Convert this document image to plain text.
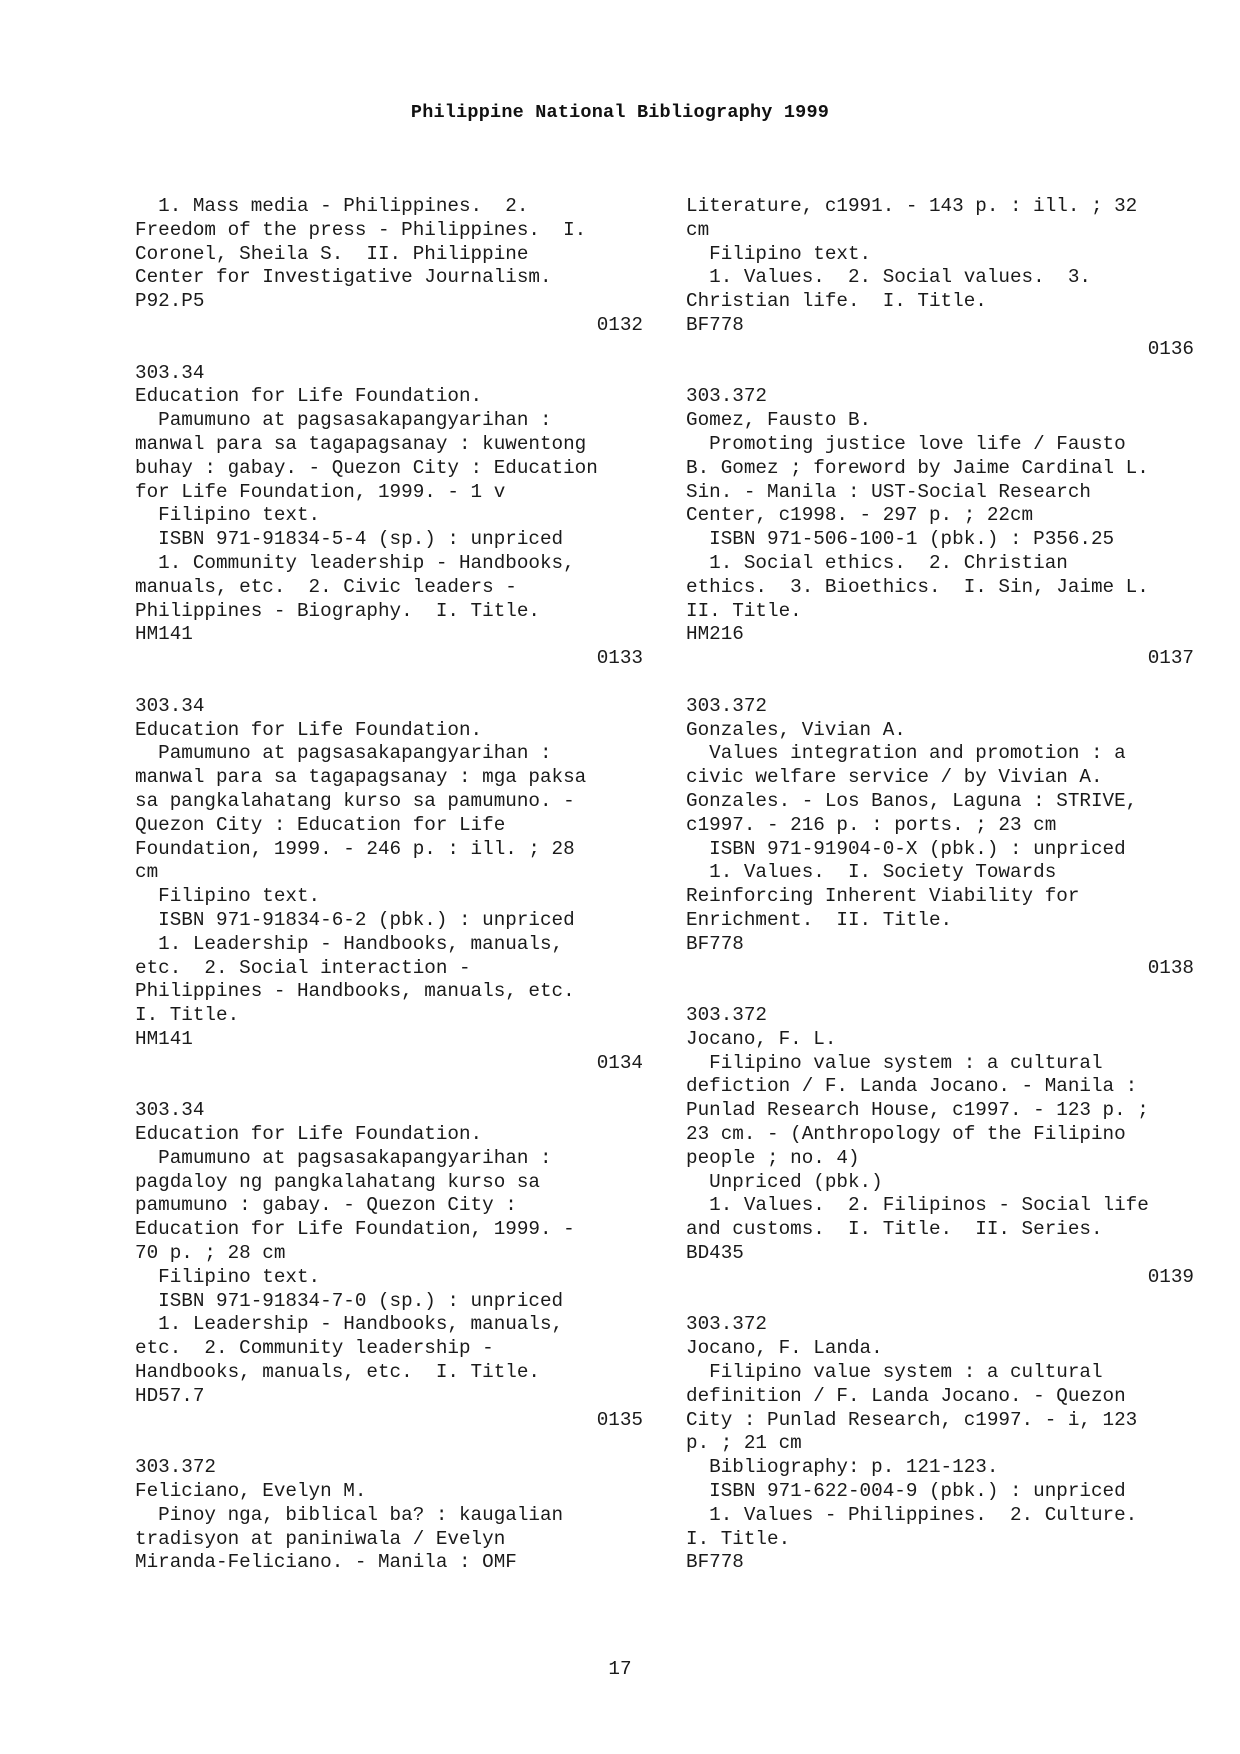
Philippine National Bibliography 1999
1. Mass media - Philippines.  2.
Freedom of the press - Philippines.  I.
Coronel, Sheila S.  II. Philippine
Center for Investigative Journalism.
P92.P5
0132
303.34
Education for Life Foundation.
Pamumuno at pagsasakapangyarihan :
manwal para sa tagapagsanay : kuwentong
buhay : gabay. - Quezon City : Education
for Life Foundation, 1999. - 1 v
Filipino text.
ISBN 971-91834-5-4 (sp.) : unpriced
1. Community leadership - Handbooks,
manuals, etc.  2. Civic leaders -
Philippines - Biography.  I. Title.
HM141
0133
303.34
Education for Life Foundation.
Pamumuno at pagsasakapangyarihan :
manwal para sa tagapagsanay : mga paksa
sa pangkalahatang kurso sa pamumuno. -
Quezon City : Education for Life
Foundation, 1999. - 246 p. : ill. ; 28
cm
Filipino text.
ISBN 971-91834-6-2 (pbk.) : unpriced
1. Leadership - Handbooks, manuals,
etc.  2. Social interaction -
Philippines - Handbooks, manuals, etc.
I. Title.
HM141
0134
303.34
Education for Life Foundation.
Pamumuno at pagsasakapangyarihan :
pagdaloy ng pangkalahatang kurso sa
pamumuno : gabay. - Quezon City :
Education for Life Foundation, 1999. -
70 p. ; 28 cm
Filipino text.
ISBN 971-91834-7-0 (sp.) : unpriced
1. Leadership - Handbooks, manuals,
etc.  2. Community leadership -
Handbooks, manuals, etc.  I. Title.
HD57.7
0135
303.372
Feliciano, Evelyn M.
Pinoy nga, biblical ba? : kaugalian
tradisyon at paniniwala / Evelyn
Miranda-Feliciano. - Manila : OMF
Literature, c1991. - 143 p. : ill. ; 32
cm
Filipino text.
1. Values.  2. Social values.  3.
Christian life.  I. Title.
BF778
0136
303.372
Gomez, Fausto B.
Promoting justice love life / Fausto
B. Gomez ; foreword by Jaime Cardinal L.
Sin. - Manila : UST-Social Research
Center, c1998. - 297 p. ; 22cm
ISBN 971-506-100-1 (pbk.) : P356.25
1. Social ethics.  2. Christian
ethics.  3. Bioethics.  I. Sin, Jaime L.
II. Title.
HM216
0137
303.372
Gonzales, Vivian A.
Values integration and promotion : a
civic welfare service / by Vivian A.
Gonzales. - Los Banos, Laguna : STRIVE,
c1997. - 216 p. : ports. ; 23 cm
ISBN 971-91904-0-X (pbk.) : unpriced
1. Values.  I. Society Towards
Reinforcing Inherent Viability for
Enrichment.  II. Title.
BF778
0138
303.372
Jocano, F. L.
Filipino value system : a cultural
defiction / F. Landa Jocano. - Manila :
Punlad Research House, c1997. - 123 p. ;
23 cm. - (Anthropology of the Filipino
people ; no. 4)
Unpriced (pbk.)
1. Values.  2. Filipinos - Social life
and customs.  I. Title.  II. Series.
BD435
0139
303.372
Jocano, F. Landa.
Filipino value system : a cultural
definition / F. Landa Jocano. - Quezon
City : Punlad Research, c1997. - i, 123
p. ; 21 cm
Bibliography: p. 121-123.
ISBN 971-622-004-9 (pbk.) : unpriced
1. Values - Philippines.  2. Culture.
I. Title.
BF778
17
